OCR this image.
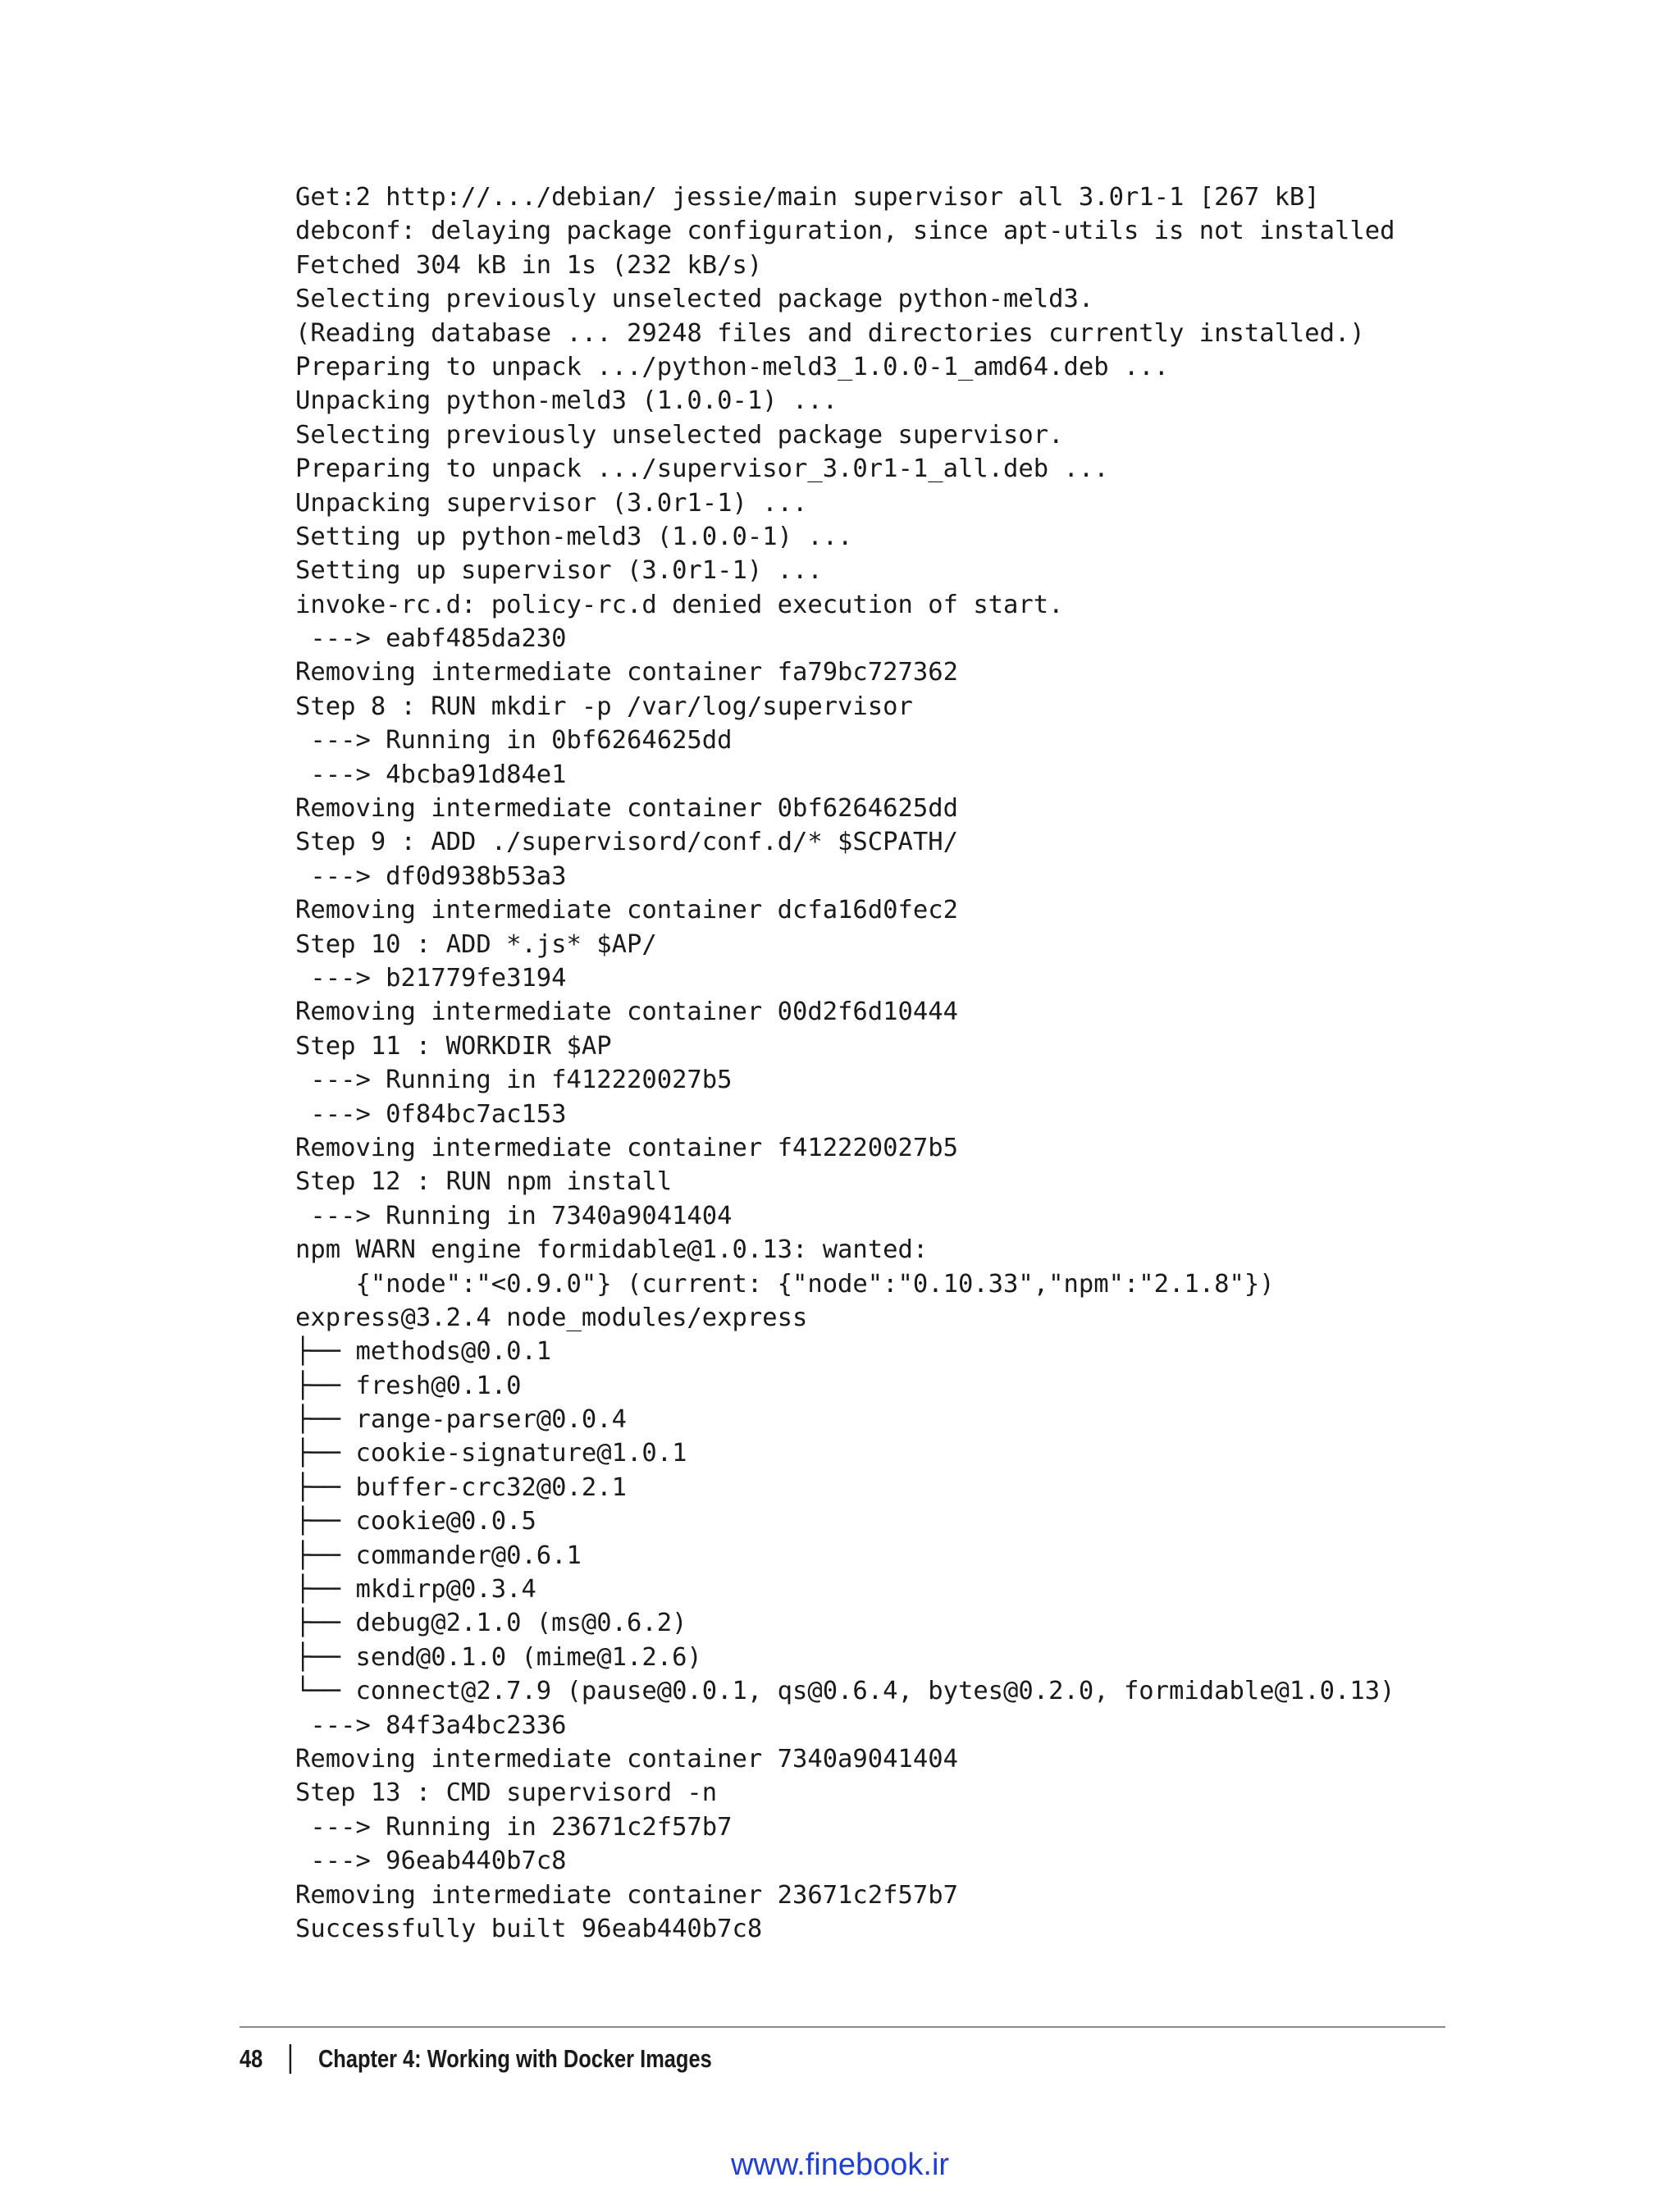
Get:2 http://.../debian/ jessie/main supervisor all 3.0r1-1 [267 kB]
debconf: delaying package configuration, since apt-utils is not installed
Fetched 304 kB in 1s (232 kB/s)
Selecting previously unselected package python-meld3.
(Reading database ... 29248 files and directories currently installed.)
Preparing to unpack .../python-meld3_1.0.0-1_amd64.deb ...
Unpacking python-meld3 (1.0.0-1) ...
Selecting previously unselected package supervisor.
Preparing to unpack .../supervisor_3.0r1-1_all.deb ...
Unpacking supervisor (3.0r1-1) ...
Setting up python-meld3 (1.0.0-1) ...
Setting up supervisor (3.0r1-1) ...
invoke-rc.d: policy-rc.d denied execution of start.
---> eabf485da230
Removing intermediate container fa79bc727362
Step 8 : RUN mkdir -p /var/log/supervisor
---> Running in 0bf6264625dd
---> 4bcba91d84e1
Removing intermediate container 0bf6264625dd
Step 9 : ADD ./supervisord/conf.d/* $SCPATH/
---> df0d938b53a3
Removing intermediate container dcfa16d0fec2
Step 10 : ADD *.js* $AP/
---> b21779fe3194
Removing intermediate container 00d2f6d10444
Step 11 : WORKDIR $AP
---> Running in f412220027b5
---> 0f84bc7ac153
Removing intermediate container f412220027b5
Step 12 : RUN npm install
---> Running in 7340a9041404
npm WARN engine formidable@1.0.13: wanted:
{"node":"<0.9.0"} (current: {"node":"0.10.33","npm":"2.1.8"})
express@3.2.4 node_modules/express
├── methods@0.0.1
├── fresh@0.1.0
├── range-parser@0.0.4
├── cookie-signature@1.0.1
├── buffer-crc32@0.2.1
├── cookie@0.0.5
├── commander@0.6.1
├── mkdirp@0.3.4
├── debug@2.1.0 (ms@0.6.2)
├── send@0.1.0 (mime@1.2.6)
└── connect@2.7.9 (pause@0.0.1, qs@0.6.4, bytes@0.2.0, formidable@1.0.13)
---> 84f3a4bc2336
Removing intermediate container 7340a9041404
Step 13 : CMD supervisord -n
---> Running in 23671c2f57b7
---> 96eab440b7c8
Removing intermediate container 23671c2f57b7
Successfully built 96eab440b7c8
48 Chapter 4: Working with Docker Images
www.finebook.ir
